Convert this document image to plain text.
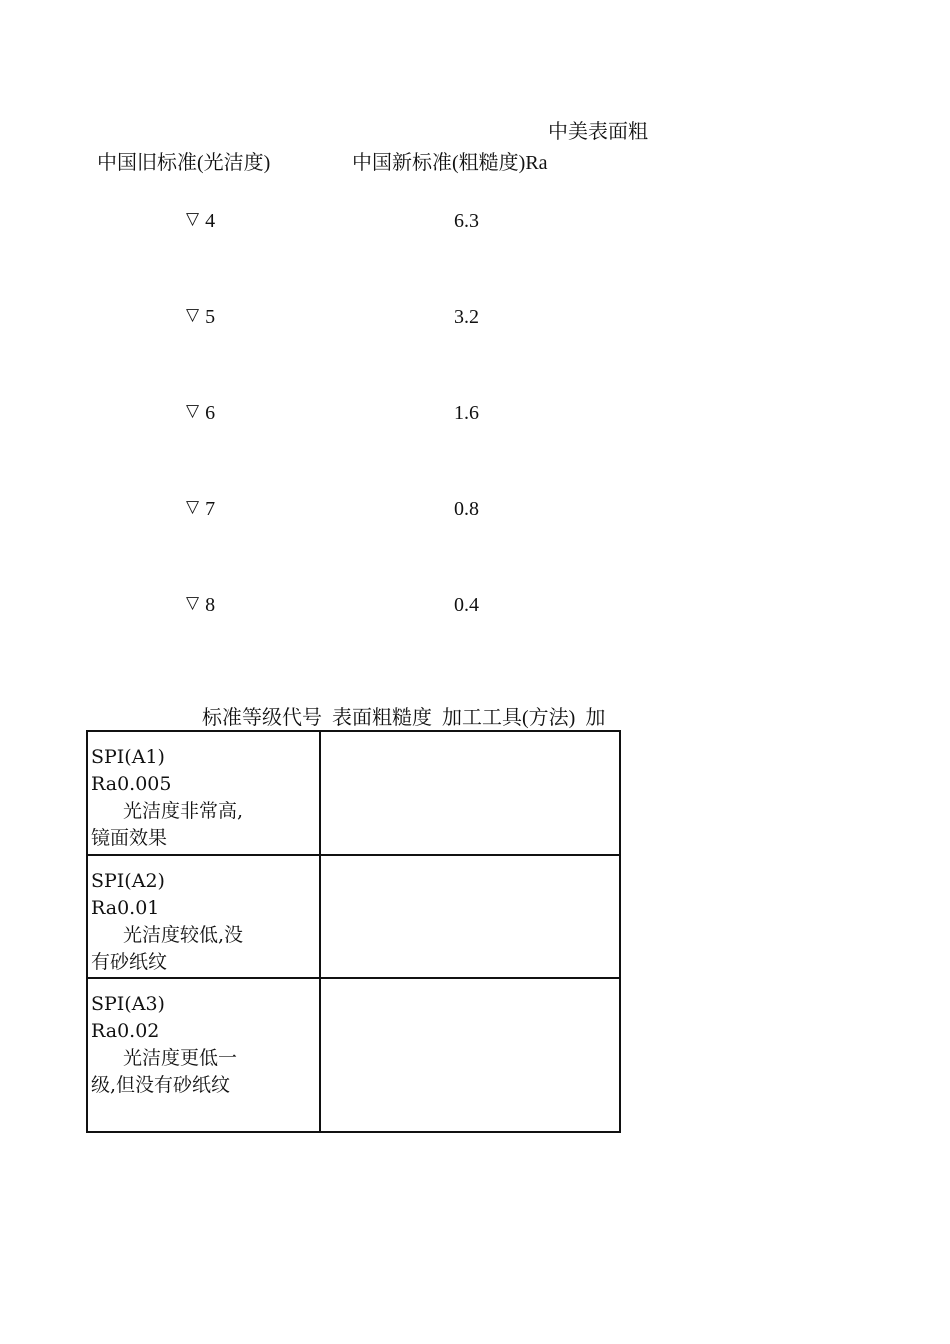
中美表面粗
中国旧标准(光洁度)	中国新标准(粗糙度)Ra
▽ 4	6.3
▽ 5	3.2
▽ 6	1.6
▽ 7	0.8
▽ 8	0.4
标准等级代号 表面粗糙度 加工工具(方法) 加
SPI(A1)
Ra0.005
光洁度非常高,
镜面效果	

SPI(A2)
Ra0.01
光洁度较低,没
有砂纸纹	

SPI(A3)
Ra0.02
光洁度更低一
级,但没有砂纸纹	
